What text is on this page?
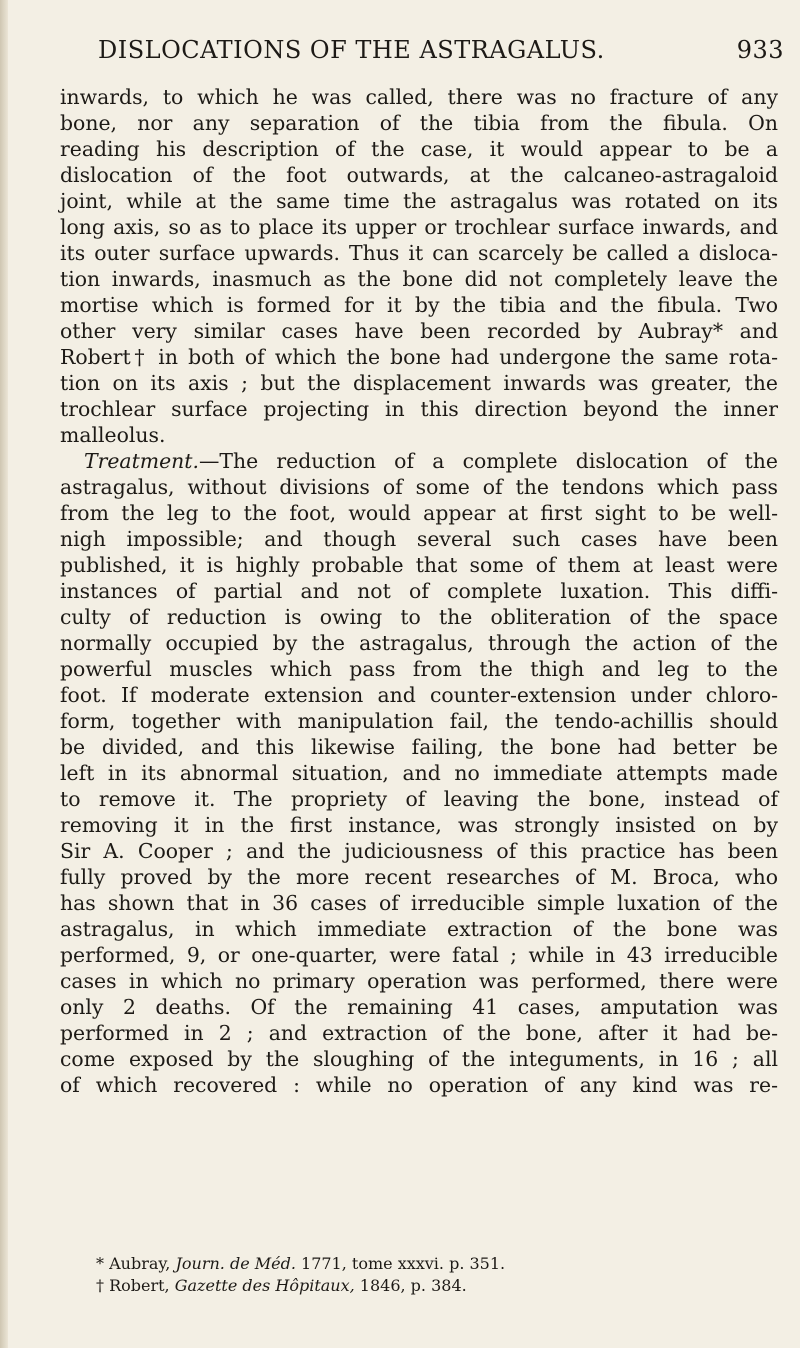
DISLOCATIONS OF THE ASTRAGALUS.	933
inwards, to which he was called, there was no fracture of any
bone, nor any separation of the tibia from the fibula. On
reading his description of the case, it would appear to be a
dislocation of the foot outwards, at the calcaneo-astragaloid
joint, while at the same time the astragalus was rotated on its
long axis, so as to place its upper or trochlear surface inwards, and
its outer surface upwards. Thus it can scarcely be called a disloca-
tion inwards, inasmuch as the bone did not completely leave the
mortise which is formed for it by the tibia and the fibula. Two
other very similar cases have been recorded by Aubray* and
Robert† in both of which the bone had undergone the same rota-
tion on its axis ; but the displacement inwards was greater, the
trochlear surface projecting in this direction beyond the inner
malleolus.
Treatment.—The reduction of a complete dislocation of the
astragalus, without divisions of some of the tendons which pass
from the leg to the foot, would appear at first sight to be well-
nigh impossible; and though several such cases have been
published, it is highly probable that some of them at least were
instances of partial and not of complete luxation. This diffi-
culty of reduction is owing to the obliteration of the space
normally occupied by the astragalus, through the action of the
powerful muscles which pass from the thigh and leg to the
foot. If moderate extension and counter-extension under chloro-
form, together with manipulation fail, the tendo-achillis should
be divided, and this likewise failing, the bone had better be
left in its abnormal situation, and no immediate attempts made
to remove it. The propriety of leaving the bone, instead of
removing it in the first instance, was strongly insisted on by
Sir A. Cooper ; and the judiciousness of this practice has been
fully proved by the more recent researches of M. Broca, who
has shown that in 36 cases of irreducible simple luxation of the
astragalus, in which immediate extraction of the bone was
performed, 9, or one-quarter, were fatal ; while in 43 irreducible
cases in which no primary operation was performed, there were
only 2 deaths. Of the remaining 41 cases, amputation was
performed in 2 ; and extraction of the bone, after it had be-
come exposed by the sloughing of the integuments, in 16 ; all
of which recovered : while no operation of any kind was re-
* Aubray, Journ. de Méd. 1771, tome xxxvi. p. 351.
† Robert, Gazette des Hôpitaux, 1846, p. 384.
